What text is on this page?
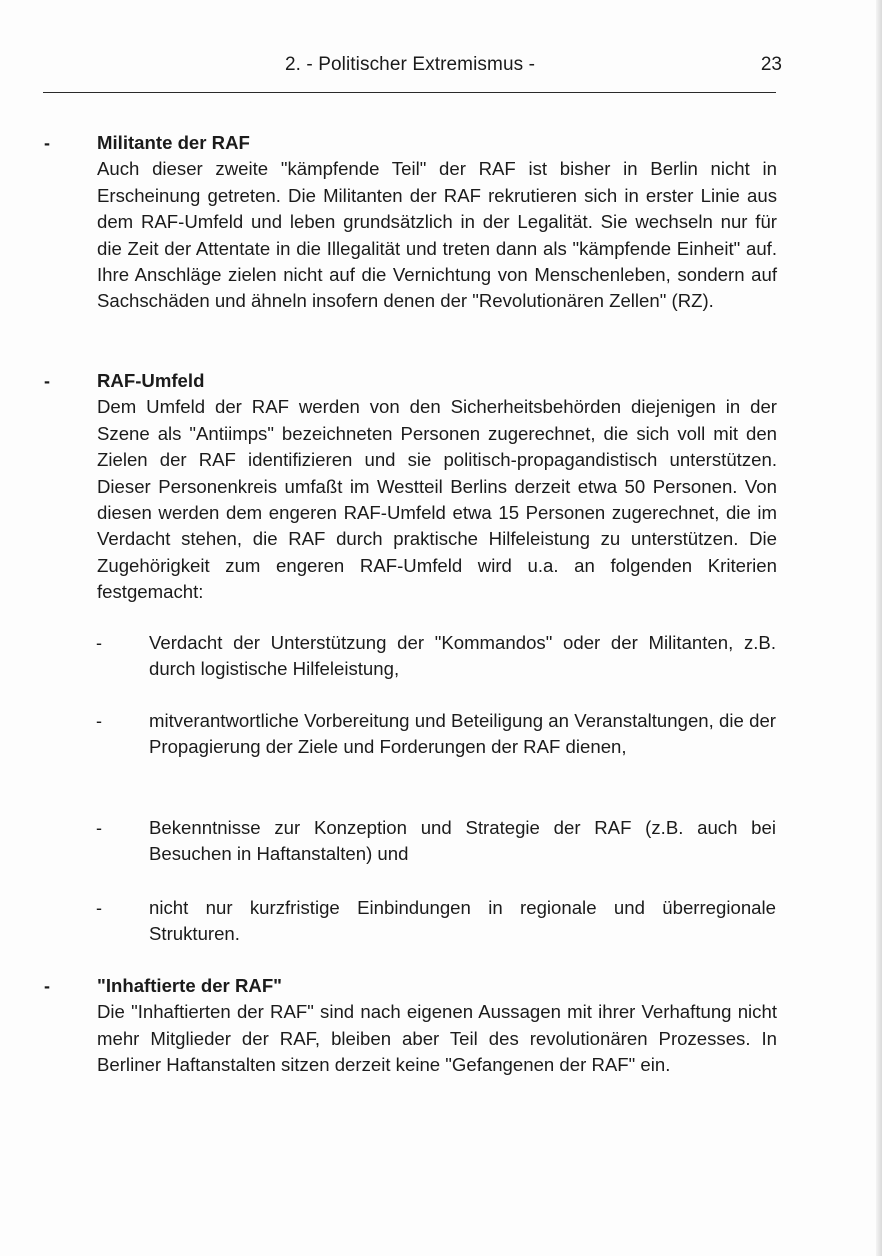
2. - Politischer Extremismus -	23
-	Militante der RAF
Auch dieser zweite "kämpfende Teil" der RAF ist bisher in Berlin nicht in Erscheinung getreten. Die Militanten der RAF rekrutieren sich in erster Linie aus dem RAF-Umfeld und leben grundsätzlich in der Legalität. Sie wechseln nur für die Zeit der Attentate in die Illegalität und treten dann als "kämpfende Einheit" auf. Ihre Anschläge zielen nicht auf die Vernichtung von Menschenleben, sondern auf Sachschäden und ähneln insofern denen der "Revolutionären Zellen" (RZ).
-	RAF-Umfeld
Dem Umfeld der RAF werden von den Sicherheitsbehörden diejenigen in der Szene als "Antiimps" bezeichneten Personen zugerechnet, die sich voll mit den Zielen der RAF identifizieren und sie politisch-propagandistisch unterstützen. Dieser Personenkreis umfaßt im Westteil Berlins derzeit etwa 50 Personen. Von diesen werden dem engeren RAF-Umfeld etwa 15 Personen zugerechnet, die im Verdacht stehen, die RAF durch praktische Hilfeleistung zu unterstützen. Die Zugehörigkeit zum engeren RAF-Umfeld wird u.a. an folgenden Kriterien festgemacht:
-	Verdacht der Unterstützung der "Kommandos" oder der Militanten, z.B. durch logistische Hilfeleistung,
-	mitverantwortliche Vorbereitung und Beteiligung an Veranstaltungen, die der Propagierung der Ziele und Forderungen der RAF dienen,
-	Bekenntnisse zur Konzeption und Strategie der RAF (z.B. auch bei Besuchen in Haftanstalten) und
-	nicht nur kurzfristige Einbindungen in regionale und überregionale Strukturen.
-	"Inhaftierte der RAF"
Die "Inhaftierten der RAF" sind nach eigenen Aussagen mit ihrer Verhaftung nicht mehr Mitglieder der RAF, bleiben aber Teil des revolutionären Prozesses. In Berliner Haftanstalten sitzen derzeit keine "Gefangenen der RAF" ein.
